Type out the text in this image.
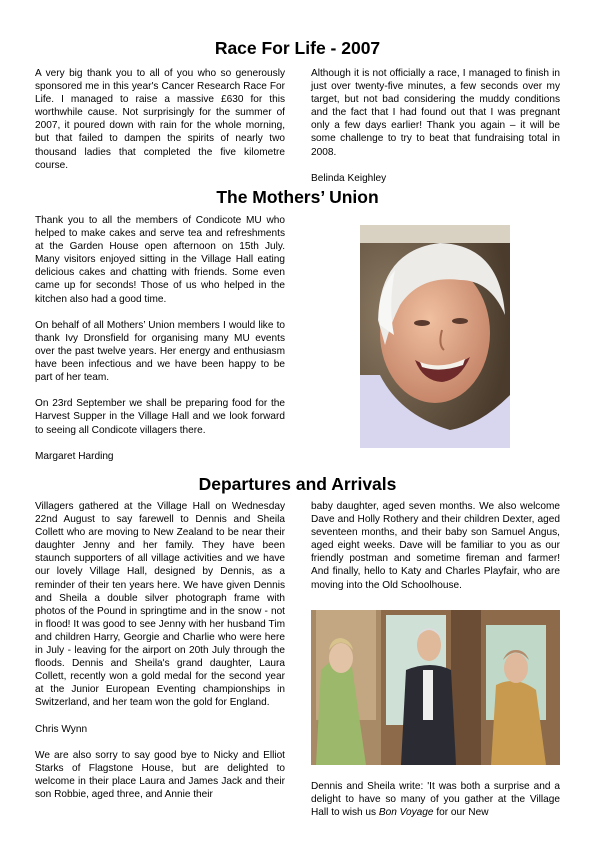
Race For Life - 2007

A very big thank you to all of you who so generously sponsored me in this year's Cancer Research Race For Life. I managed to raise a massive £630 for this worthwhile cause. Not surprisingly for the summer of 2007, it poured down with rain for the whole morning, but that failed to dampen the spirits of nearly two thousand ladies that completed the five kilometre course.

Although it is not officially a race, I managed to finish in just over twenty-five minutes, a few seconds over my target, but not bad considering the muddy conditions and the fact that I had found out that I was pregnant only a few days earlier! Thank you again – it will be some challenge to try to beat that fundraising total in 2008.

Belinda Keighley

The Mothers’ Union

Thank you to all the members of Condicote MU who helped to make cakes and serve tea and refreshments at the Garden House open afternoon on 15th July. Many visitors enjoyed sitting in the Village Hall eating delicious cakes and chatting with friends. Some even came up for seconds! Those of us who helped in the kitchen also had a good time.

On behalf of all Mothers’ Union members I would like to thank Ivy Dronsfield for organising many MU events over the past twelve years. Her energy and enthusiasm have been infectious and we have been happy to be part of her team.

On 23rd September we shall be preparing food for the Harvest Supper in the Village Hall and we look forward to seeing all Condicote villagers there.

Margaret Harding

Departures and Arrivals

Villagers gathered at the Village Hall on Wednesday 22nd August to say farewell to Dennis and Sheila Collett who are moving to New Zealand to be near their daughter Jenny and her family. They have been staunch supporters of all village activities and we have our lovely Village Hall, designed by Dennis, as a reminder of their ten years here. We have given Dennis and Sheila a double silver photograph frame with photos of the Pound in springtime and in the snow - not in flood! It was good to see Jenny with her husband Tim and children Harry, Georgie and Charlie who were here in July - leaving for the airport on 20th July through the floods. Dennis and Sheila's grand daughter, Laura Collett, recently won a gold medal for the second year at the Junior European Eventing championships in Switzerland, and her team won the gold for England.

Chris Wynn

We are also sorry to say good bye to Nicky and Elliot Starks of Flagstone House, but are delighted to welcome in their place Laura and James Jack and their son Robbie, aged three, and Annie their

baby daughter, aged seven months. We also welcome Dave and Holly Rothery and their children Dexter, aged seventeen months, and their baby son Samuel Angus, aged eight weeks. Dave will be familiar to you as our friendly postman and sometime fireman and farmer! And finally, hello to Katy and Charles Playfair, who are moving into the Old Schoolhouse.

Dennis and Sheila write: 'It was both a surprise and a delight to have so many of you gather at the Village Hall to wish us Bon Voyage for our New
